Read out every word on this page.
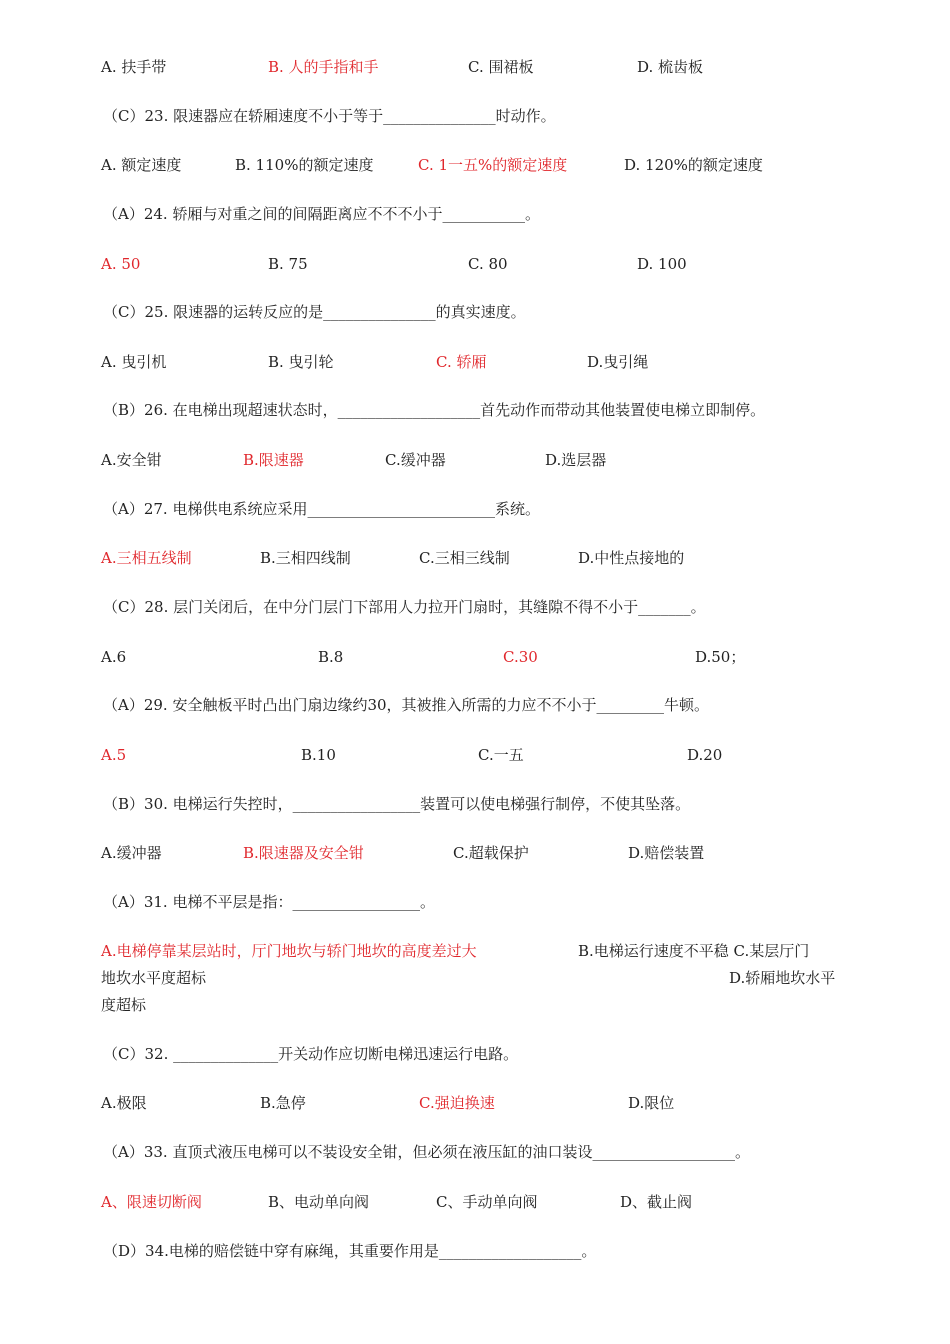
A. 扶手带	B. 人的手指和手	C. 围裙板	D. 梳齿板
（C）23. 限速器应在轿厢速度不小于等于_______________时动作。
A. 额定速度	B. 110%的额定速度	C. 1一五%的额定速度	D. 120%的额定速度
（A）24. 轿厢与对重之间的间隔距离应不不不小于___________。
A. 50	B. 75	C. 80	D. 100
（C）25. 限速器的运转反应的是_______________的真实速度。
A. 曳引机	B. 曳引轮	C. 轿厢	D.曳引绳
（B）26. 在电梯出现超速状态时，___________________首先动作而带动其他装置使电梯立即制停。
A.安全钳	B.限速器	C.缓冲器	D.选层器
（A）27. 电梯供电系统应采用_________________________系统。
A.三相五线制	B.三相四线制	C.三相三线制	D.中性点接地的
（C）28. 层门关闭后，在中分门层门下部用人力拉开门扇时，其缝隙不得不小于_______。
A.6	B.8	C.30	D.50；
（A）29. 安全触板平时凸出门扇边缘约30，其被推入所需的力应不不小于_________牛顿。
A.5	B.10	C.一五	D.20
（B）30. 电梯运行失控时，_________________装置可以使电梯强行制停，不使其坠落。
A.缓冲器	B.限速器及安全钳	C.超载保护	D.赔偿装置
（A）31. 电梯不平层是指：_________________。
A.电梯停靠某层站时，厅门地坎与轿门地坎的高度差过大	B.电梯运行速度不平稳 C.某层厅门
地坎水平度超标	D.轿厢地坎水平
度超标
（C）32. ______________开关动作应切断电梯迅速运行电路。
A.极限	B.急停	C.强迫换速	D.限位
（A）33. 直顶式液压电梯可以不装设安全钳，但必须在液压缸的油口装设___________________。
A、限速切断阀	B、电动单向阀	C、手动单向阀	D、截止阀
（D）34.电梯的赔偿链中穿有麻绳，其重要作用是___________________。
